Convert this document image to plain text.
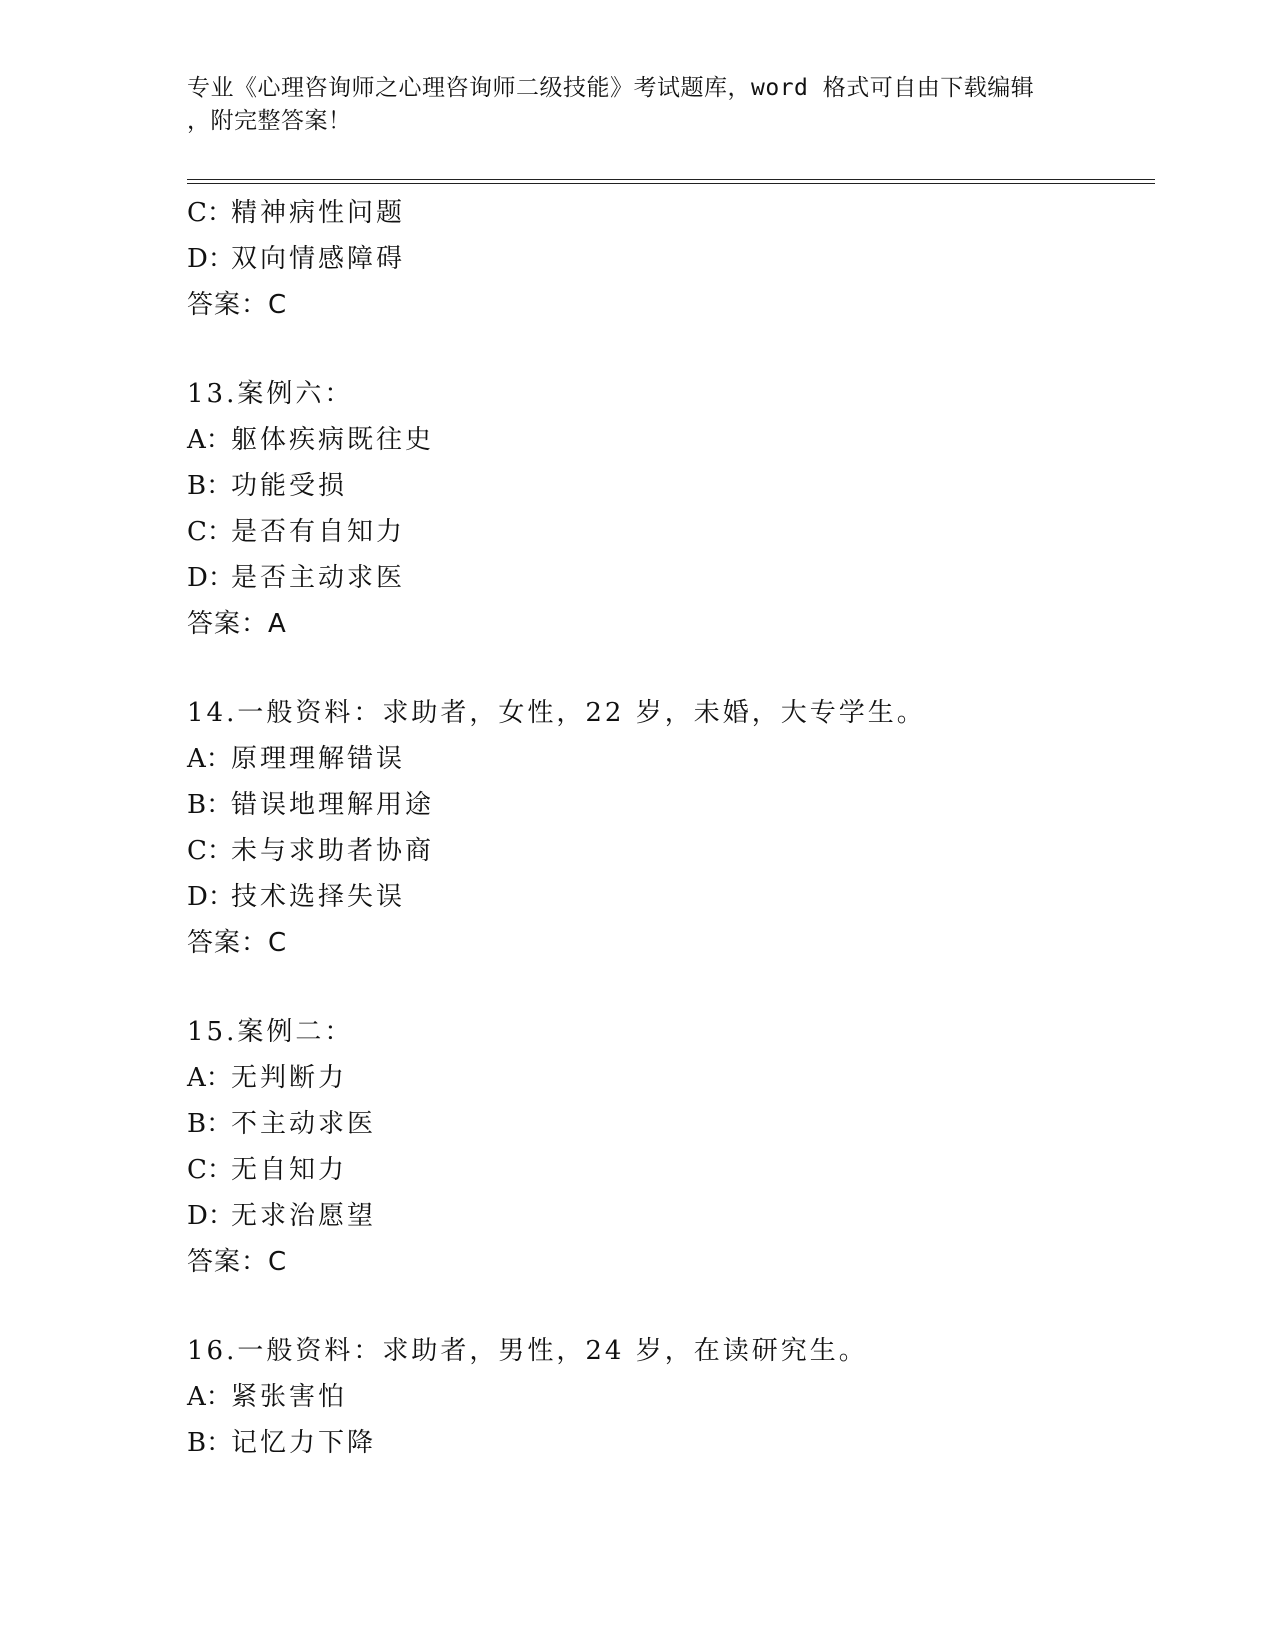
专业《心理咨询师之心理咨询师二级技能》考试题库，word 格式可自由下载编辑
，附完整答案！
C：精神病性问题
D：双向情感障碍
答案：C
13.案例六：
A：躯体疾病既往史
B：功能受损
C：是否有自知力
D：是否主动求医
答案：A
14.一般资料：求助者，女性，22 岁，未婚，大专学生。
A：原理理解错误
B：错误地理解用途
C：未与求助者协商
D：技术选择失误
答案：C
15.案例二：
A：无判断力
B：不主动求医
C：无自知力
D：无求治愿望
答案：C
16.一般资料：求助者，男性，24 岁，在读研究生。
A：紧张害怕
B：记忆力下降
